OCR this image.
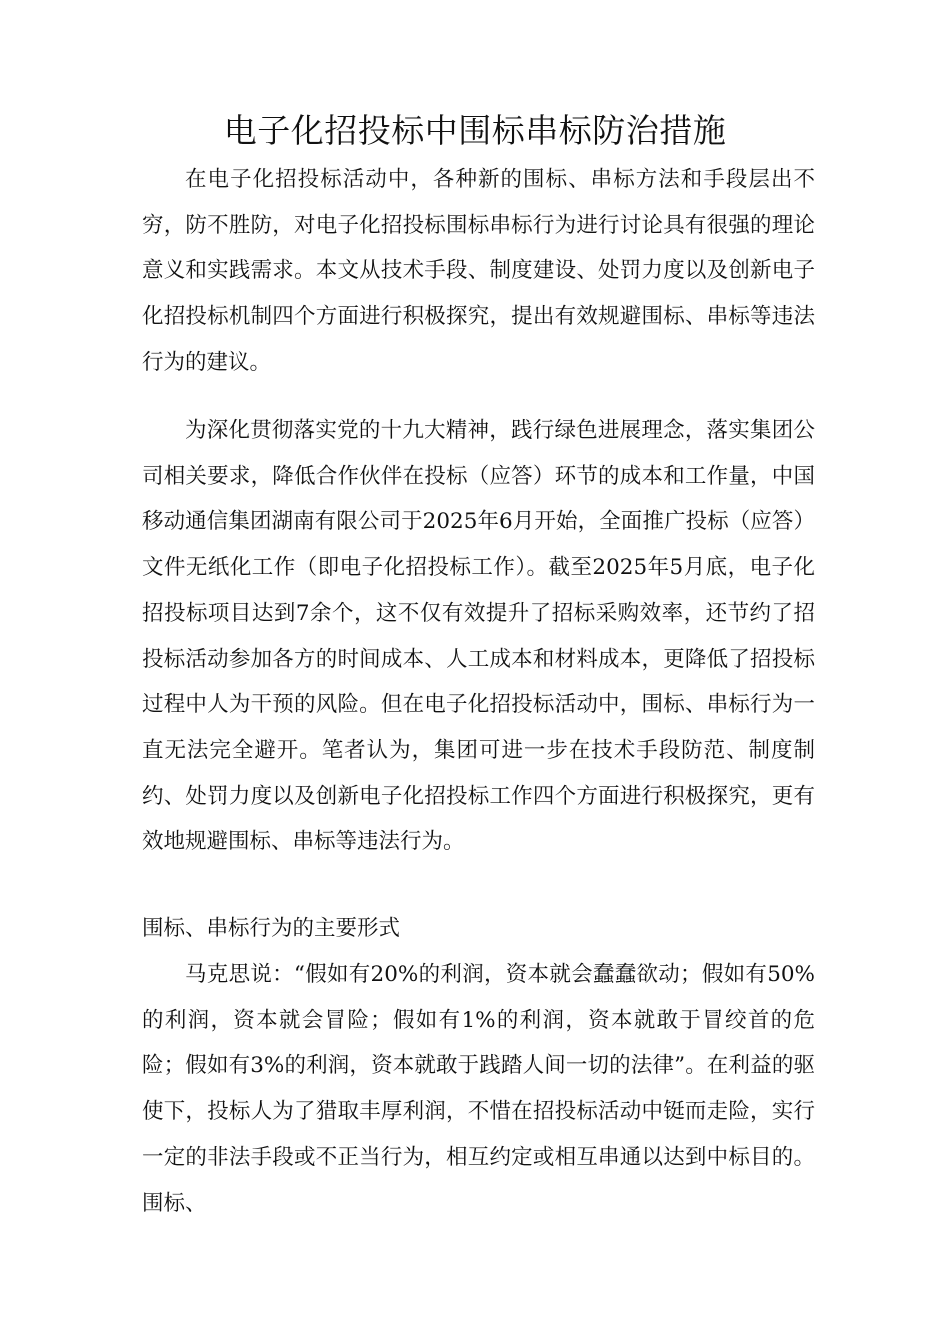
电子化招投标中围标串标防治措施

在电子化招投标活动中，各种新的围标、串标方法和手段层出不穷，防不胜防，对电子化招投标围标串标行为进行讨论具有很强的理论意义和实践需求。本文从技术手段、制度建设、处罚力度以及创新电子化招投标机制四个方面进行积极探究，提出有效规避围标、串标等违法行为的建议。

为深化贯彻落实党的十九大精神，践行绿色进展理念，落实集团公司相关要求，降低合作伙伴在投标（应答）环节的成本和工作量，中国移动通信集团湖南有限公司于2025年6月开始，全面推广投标（应答）文件无纸化工作（即电子化招投标工作）。截至2025年5月底，电子化招投标项目达到7余个，这不仅有效提升了招标采购效率，还节约了招投标活动参加各方的时间成本、人工成本和材料成本，更降低了招投标过程中人为干预的风险。但在电子化招投标活动中，围标、串标行为一直无法完全避开。笔者认为，集团可进一步在技术手段防范、制度制约、处罚力度以及创新电子化招投标工作四个方面进行积极探究，更有效地规避围标、串标等违法行为。

围标、串标行为的主要形式

马克思说：“假如有20%的利润，资本就会蠢蠢欲动；假如有50%的利润，资本就会冒险；假如有1%的利润，资本就敢于冒绞首的危险；假如有3%的利润，资本就敢于践踏人间一切的法律”。在利益的驱使下，投标人为了猎取丰厚利润，不惜在招投标活动中铤而走险，实行一定的非法手段或不正当行为，相互约定或相互串通以达到中标目的。围标、
